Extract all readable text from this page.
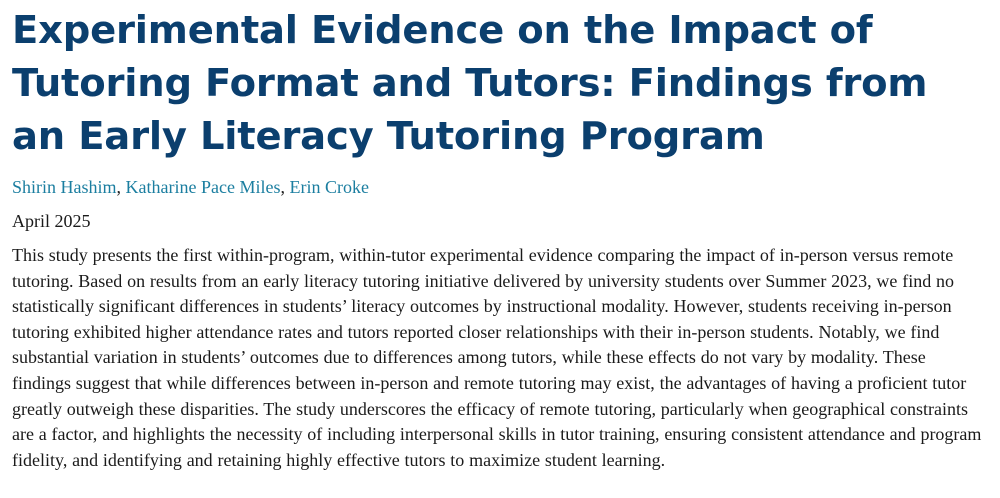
Experimental Evidence on the Impact of Tutoring Format and Tutors: Findings from an Early Literacy Tutoring Program
Shirin Hashim, Katharine Pace Miles, Erin Croke
April 2025

This study presents the first within-program, within-tutor experimental evidence comparing the impact of in-person versus remote tutoring. Based on results from an early literacy tutoring initiative delivered by university students over Summer 2023, we find no statistically significant differences in students’ literacy outcomes by instructional modality. However, students receiving in-person tutoring exhibited higher attendance rates and tutors reported closer relationships with their in-person students. Notably, we find substantial variation in students’ outcomes due to differences among tutors, while these effects do not vary by modality. These findings suggest that while differences between in-person and remote tutoring may exist, the advantages of having a proficient tutor greatly outweigh these disparities. The study underscores the efficacy of remote tutoring, particularly when geographical constraints are a factor, and highlights the necessity of including interpersonal skills in tutor training, ensuring consistent attendance and program fidelity, and identifying and retaining highly effective tutors to maximize student learning.
